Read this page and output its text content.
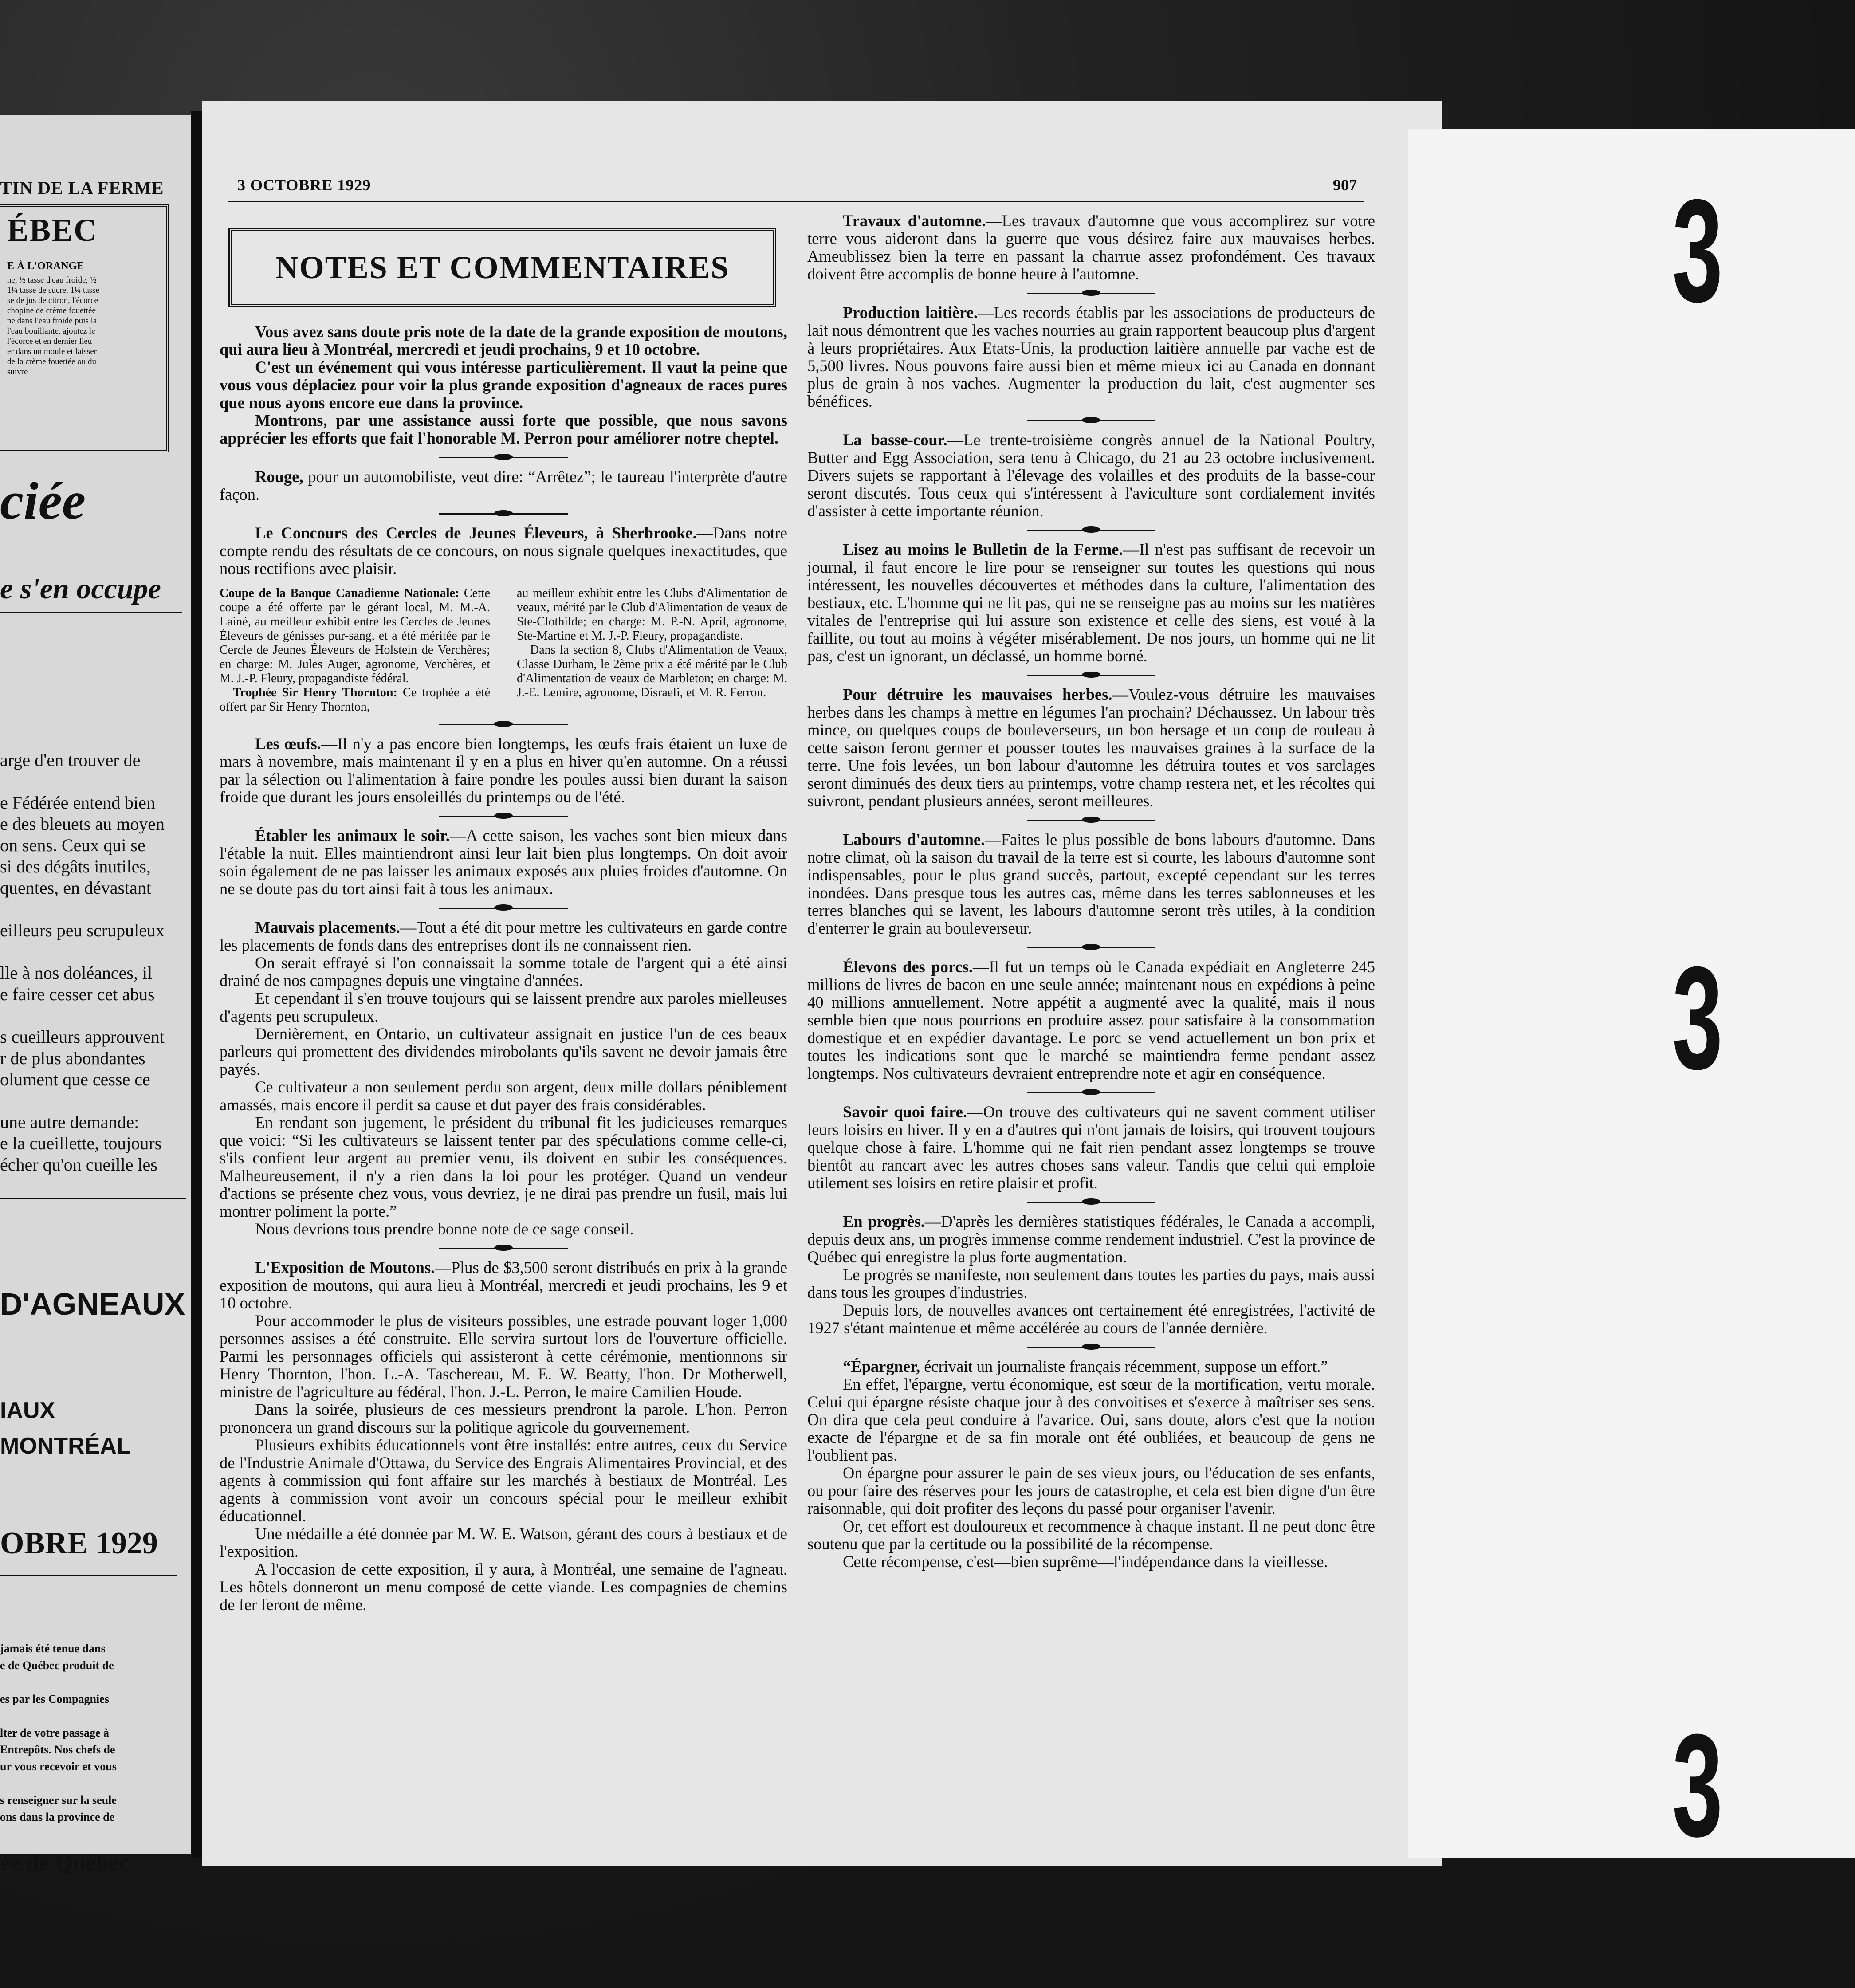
TIN DE LA FERME
ÉBEC
E À L'ORANGE
ne, ½ tasse d'eau froide, ½
1¼ tasse de sucre, 1¼ tasse
se de jus de citron, l'écorce
chopine de crème fouettée
ne dans l'eau froide puis la
l'eau bouillante, ajoutez le
l'écorce et en dernier lieu
er dans un moule et laisser
de la crème fouettée ou du
suivre
ciée
e s'en occupe
arge d'en trouver de
e Fédérée entend bien
e des bleuets au moyen
on sens. Ceux qui se
si des dégâts inutiles,
quentes, en dévastant
eilleurs peu scrupuleux
lle à nos doléances, il
e faire cesser cet abus
s cueilleurs approuvent
r de plus abondantes
olument que cesse ce
une autre demande:
e la cueillette, toujours
écher qu'on cueille les
D'AGNEAUX
IAUX
MONTRÉAL
OBRE 1929
jamais été tenue dans
e de Québec produit de
es par les Compagnies
lter de votre passage à
Entrepôts. Nos chefs de
ur vous recevoir et vous
s renseigner sur la seule
ons dans la province de
ée de Québec
3 OCTOBRE 1929	907
NOTES ET COMMENTAIRES

Vous avez sans doute pris note de la date de la grande exposition de moutons, qui aura lieu à Montréal, mercredi et jeudi prochains, 9 et 10 octobre.

C'est un événement qui vous intéresse particulièrement. Il vaut la peine que vous vous déplaciez pour voir la plus grande exposition d'agneaux de races pures que nous ayons encore eue dans la province.

Montrons, par une assistance aussi forte que possible, que nous savons apprécier les efforts que fait l'honorable M. Perron pour améliorer notre cheptel.

Rouge, pour un automobiliste, veut dire: “Arrêtez”; le taureau l'interprète d'autre façon.

Le Concours des Cercles de Jeunes Éleveurs, à Sherbrooke.—Dans notre compte rendu des résultats de ce concours, on nous signale quelques inexactitudes, que nous rectifions avec plaisir.

Coupe de la Banque Canadienne Nationale: Cette coupe a été offerte par le gérant local, M. M.-A. Lainé, au meilleur exhibit entre les Cercles de Jeunes Éleveurs de génisses pur-sang, et a été méritée par le Cercle de Jeunes Éleveurs de Holstein de Verchères; en charge: M. Jules Auger, agronome, Verchères, et M. J.-P. Fleury, propagandiste fédéral.

Trophée Sir Henry Thornton: Ce trophée a été offert par Sir Henry Thornton,

au meilleur exhibit entre les Clubs d'Alimentation de veaux, mérité par le Club d'Alimentation de veaux de Ste-Clothilde; en charge: M. P.-N. April, agronome, Ste-Martine et M. J.-P. Fleury, propagandiste.

Dans la section 8, Clubs d'Alimentation de Veaux, Classe Durham, le 2ème prix a été mérité par le Club d'Alimentation de veaux de Marbleton; en charge: M. J.-E. Lemire, agronome, Disraeli, et M. R. Ferron.

Les œufs.—Il n'y a pas encore bien longtemps, les œufs frais étaient un luxe de mars à novembre, mais maintenant il y en a plus en hiver qu'en automne. On a réussi par la sélection ou l'alimentation à faire pondre les poules aussi bien durant la saison froide que durant les jours ensoleillés du printemps ou de l'été.

Établer les animaux le soir.—A cette saison, les vaches sont bien mieux dans l'étable la nuit. Elles maintiendront ainsi leur lait bien plus longtemps. On doit avoir soin également de ne pas laisser les animaux exposés aux pluies froides d'automne. On ne se doute pas du tort ainsi fait à tous les animaux.

Mauvais placements.—Tout a été dit pour mettre les cultivateurs en garde contre les placements de fonds dans des entreprises dont ils ne connaissent rien.

On serait effrayé si l'on connaissait la somme totale de l'argent qui a été ainsi drainé de nos campagnes depuis une vingtaine d'années.

Et cependant il s'en trouve toujours qui se laissent prendre aux paroles mielleuses d'agents peu scrupuleux.

Dernièrement, en Ontario, un cultivateur assignait en justice l'un de ces beaux parleurs qui promettent des dividendes mirobolants qu'ils savent ne devoir jamais être payés.

Ce cultivateur a non seulement perdu son argent, deux mille dollars péniblement amassés, mais encore il perdit sa cause et dut payer des frais considérables.

En rendant son jugement, le président du tribunal fit les judicieuses remarques que voici: “Si les cultivateurs se laissent tenter par des spéculations comme celle-ci, s'ils confient leur argent au premier venu, ils doivent en subir les conséquences. Malheureusement, il n'y a rien dans la loi pour les protéger. Quand un vendeur d'actions se présente chez vous, vous devriez, je ne dirai pas prendre un fusil, mais lui montrer poliment la porte.”

Nous devrions tous prendre bonne note de ce sage conseil.

L'Exposition de Moutons.—Plus de $3,500 seront distribués en prix à la grande exposition de moutons, qui aura lieu à Montréal, mercredi et jeudi prochains, les 9 et 10 octobre.

Pour accommoder le plus de visiteurs possibles, une estrade pouvant loger 1,000 personnes assises a été construite. Elle servira surtout lors de l'ouverture officielle. Parmi les personnages officiels qui assisteront à cette cérémonie, mentionnons sir Henry Thornton, l'hon. L.-A. Taschereau, M. E. W. Beatty, l'hon. Dr Motherwell, ministre de l'agriculture au fédéral, l'hon. J.-L. Perron, le maire Camilien Houde.

Dans la soirée, plusieurs de ces messieurs prendront la parole. L'hon. Perron prononcera un grand discours sur la politique agricole du gouvernement.

Plusieurs exhibits éducationnels vont être installés: entre autres, ceux du Service de l'Industrie Animale d'Ottawa, du Service des Engrais Alimentaires Provincial, et des agents à commission qui font affaire sur les marchés à bestiaux de Montréal. Les agents à commission vont avoir un concours spécial pour le meilleur exhibit éducationnel.

Une médaille a été donnée par M. W. E. Watson, gérant des cours à bestiaux et de l'exposition.

A l'occasion de cette exposition, il y aura, à Montréal, une semaine de l'agneau. Les hôtels donneront un menu composé de cette viande. Les compagnies de chemins de fer feront de même.

Travaux d'automne.—Les travaux d'automne que vous accomplirez sur votre terre vous aideront dans la guerre que vous désirez faire aux mauvaises herbes. Ameublissez bien la terre en passant la charrue assez profondément. Ces travaux doivent être accomplis de bonne heure à l'automne.

Production laitière.—Les records établis par les associations de producteurs de lait nous démontrent que les vaches nourries au grain rapportent beaucoup plus d'argent à leurs propriétaires. Aux Etats-Unis, la production laitière annuelle par vache est de 5,500 livres. Nous pouvons faire aussi bien et même mieux ici au Canada en donnant plus de grain à nos vaches. Augmenter la production du lait, c'est augmenter ses bénéfices.

La basse-cour.—Le trente-troisième congrès annuel de la National Poultry, Butter and Egg Association, sera tenu à Chicago, du 21 au 23 octobre inclusivement. Divers sujets se rapportant à l'élevage des volailles et des produits de la basse-cour seront discutés. Tous ceux qui s'intéressent à l'aviculture sont cordialement invités d'assister à cette importante réunion.

Lisez au moins le Bulletin de la Ferme.—Il n'est pas suffisant de recevoir un journal, il faut encore le lire pour se renseigner sur toutes les questions qui nous intéressent, les nouvelles découvertes et méthodes dans la culture, l'alimentation des bestiaux, etc. L'homme qui ne lit pas, qui ne se renseigne pas au moins sur les matières vitales de l'entreprise qui lui assure son existence et celle des siens, est voué à la faillite, ou tout au moins à végéter misérablement. De nos jours, un homme qui ne lit pas, c'est un ignorant, un déclassé, un homme borné.

Pour détruire les mauvaises herbes.—Voulez-vous détruire les mauvaises herbes dans les champs à mettre en légumes l'an prochain? Déchaussez. Un labour très mince, ou quelques coups de bouleverseurs, un bon hersage et un coup de rouleau à cette saison feront germer et pousser toutes les mauvaises graines à la surface de la terre. Une fois levées, un bon labour d'automne les détruira toutes et vos sarclages seront diminués des deux tiers au printemps, votre champ restera net, et les récoltes qui suivront, pendant plusieurs années, seront meilleures.

Labours d'automne.—Faites le plus possible de bons labours d'automne. Dans notre climat, où la saison du travail de la terre est si courte, les labours d'automne sont indispensables, pour le plus grand succès, partout, excepté cependant sur les terres inondées. Dans presque tous les autres cas, même dans les terres sablonneuses et les terres blanches qui se lavent, les labours d'automne seront très utiles, à la condition d'enterrer le grain au bouleverseur.

Élevons des porcs.—Il fut un temps où le Canada expédiait en Angleterre 245 millions de livres de bacon en une seule année; maintenant nous en expédions à peine 40 millions annuellement. Notre appétit a augmenté avec la qualité, mais il nous semble bien que nous pourrions en produire assez pour satisfaire à la consommation domestique et en expédier davantage. Le porc se vend actuellement un bon prix et toutes les indications sont que le marché se maintiendra ferme pendant assez longtemps. Nos cultivateurs devraient entreprendre note et agir en conséquence.

Savoir quoi faire.—On trouve des cultivateurs qui ne savent comment utiliser leurs loisirs en hiver. Il y en a d'autres qui n'ont jamais de loisirs, qui trouvent toujours quelque chose à faire. L'homme qui ne fait rien pendant assez longtemps se trouve bientôt au rancart avec les autres choses sans valeur. Tandis que celui qui emploie utilement ses loisirs en retire plaisir et profit.

En progrès.—D'après les dernières statistiques fédérales, le Canada a accompli, depuis deux ans, un progrès immense comme rendement industriel. C'est la province de Québec qui enregistre la plus forte augmentation.

Le progrès se manifeste, non seulement dans toutes les parties du pays, mais aussi dans tous les groupes d'industries.

Depuis lors, de nouvelles avances ont certainement été enregistrées, l'activité de 1927 s'étant maintenue et même accélérée au cours de l'année dernière.

“Épargner, écrivait un journaliste français récemment, suppose un effort.”

En effet, l'épargne, vertu économique, est sœur de la mortification, vertu morale. Celui qui épargne résiste chaque jour à des convoitises et s'exerce à maîtriser ses sens. On dira que cela peut conduire à l'avarice. Oui, sans doute, alors c'est que la notion exacte de l'épargne et de sa fin morale ont été oubliées, et beaucoup de gens ne l'oublient pas.

On épargne pour assurer le pain de ses vieux jours, ou l'éducation de ses enfants, ou pour faire des réserves pour les jours de catastrophe, et cela est bien digne d'un être raisonnable, qui doit profiter des leçons du passé pour organiser l'avenir.

Or, cet effort est douloureux et recommence à chaque instant. Il ne peut donc être soutenu que par la certitude ou la possibilité de la récompense.

Cette récompense, c'est—bien suprême—l'indépendance dans la vieillesse.

3
3
3
